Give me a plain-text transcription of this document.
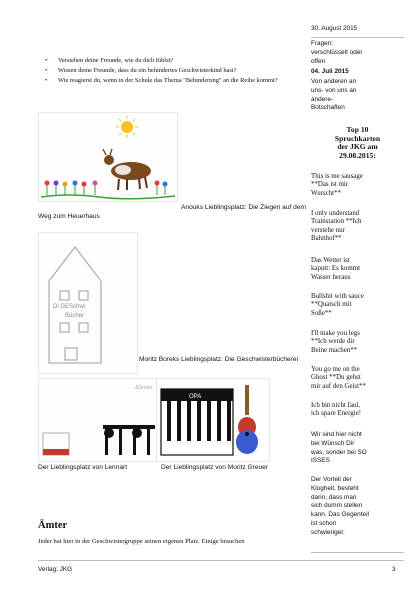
• Verstehen deine Freunde, wie du dich fühlst?
• Wissen deine Freunde, dass du ein behindertes Geschwisterkind hast?
• Wie reagierst du, wenn in der Schule das Thema "Behinderung" an die Reihe kommt?
Anouks Lieblingsplatz: Die Ziegen auf dem Weg zum Heuerhaus
Di GESchwi
Bücher
Moritz Boreks Lieblingsplatz: Die Geschwisterbücherei
Klavier
Der Lieblingsplatz von Lennart
OPA
Der Lieblingsplatz von Moritz Greuer
Ämter
Jeder hat hier in der Geschwistergruppe seinen eigenen Platz. Einige brauchen
30. August 2015
Fragen:
verschlüsselt oder
offen
04. Juli 2015
Von anderen an
uns- von uns an
andere-
Botschaften
Top 10
Spruchkarten
der JKG am
29.08.2015:
This is me sausage
**Das ist mir
Wurscht**
I only understand
Trainstation **Ich
verstehe nur
Bahnhof**
Das Wetter ist
kaputt: Es kommt
Wasser heraus
Bullshit with sauce
**Quatsch mit
Soße**
I'll make you legs
**Ich werde dir
Beine machen**
You go me on the
Ghost **Du gehst
mir auf den Geist**
Ich bin nicht faul,
ich spare Energie!
Wir sind hier nicht
bei Wünsch Dir
was, sonder bei SO
ISSES
Der Vorteil der
Klugheit, besteht
darin, dass man
sich dumm stellen
kann. Das Gegenteil
ist schon
schwieriger.
Verlag: JKG	3
